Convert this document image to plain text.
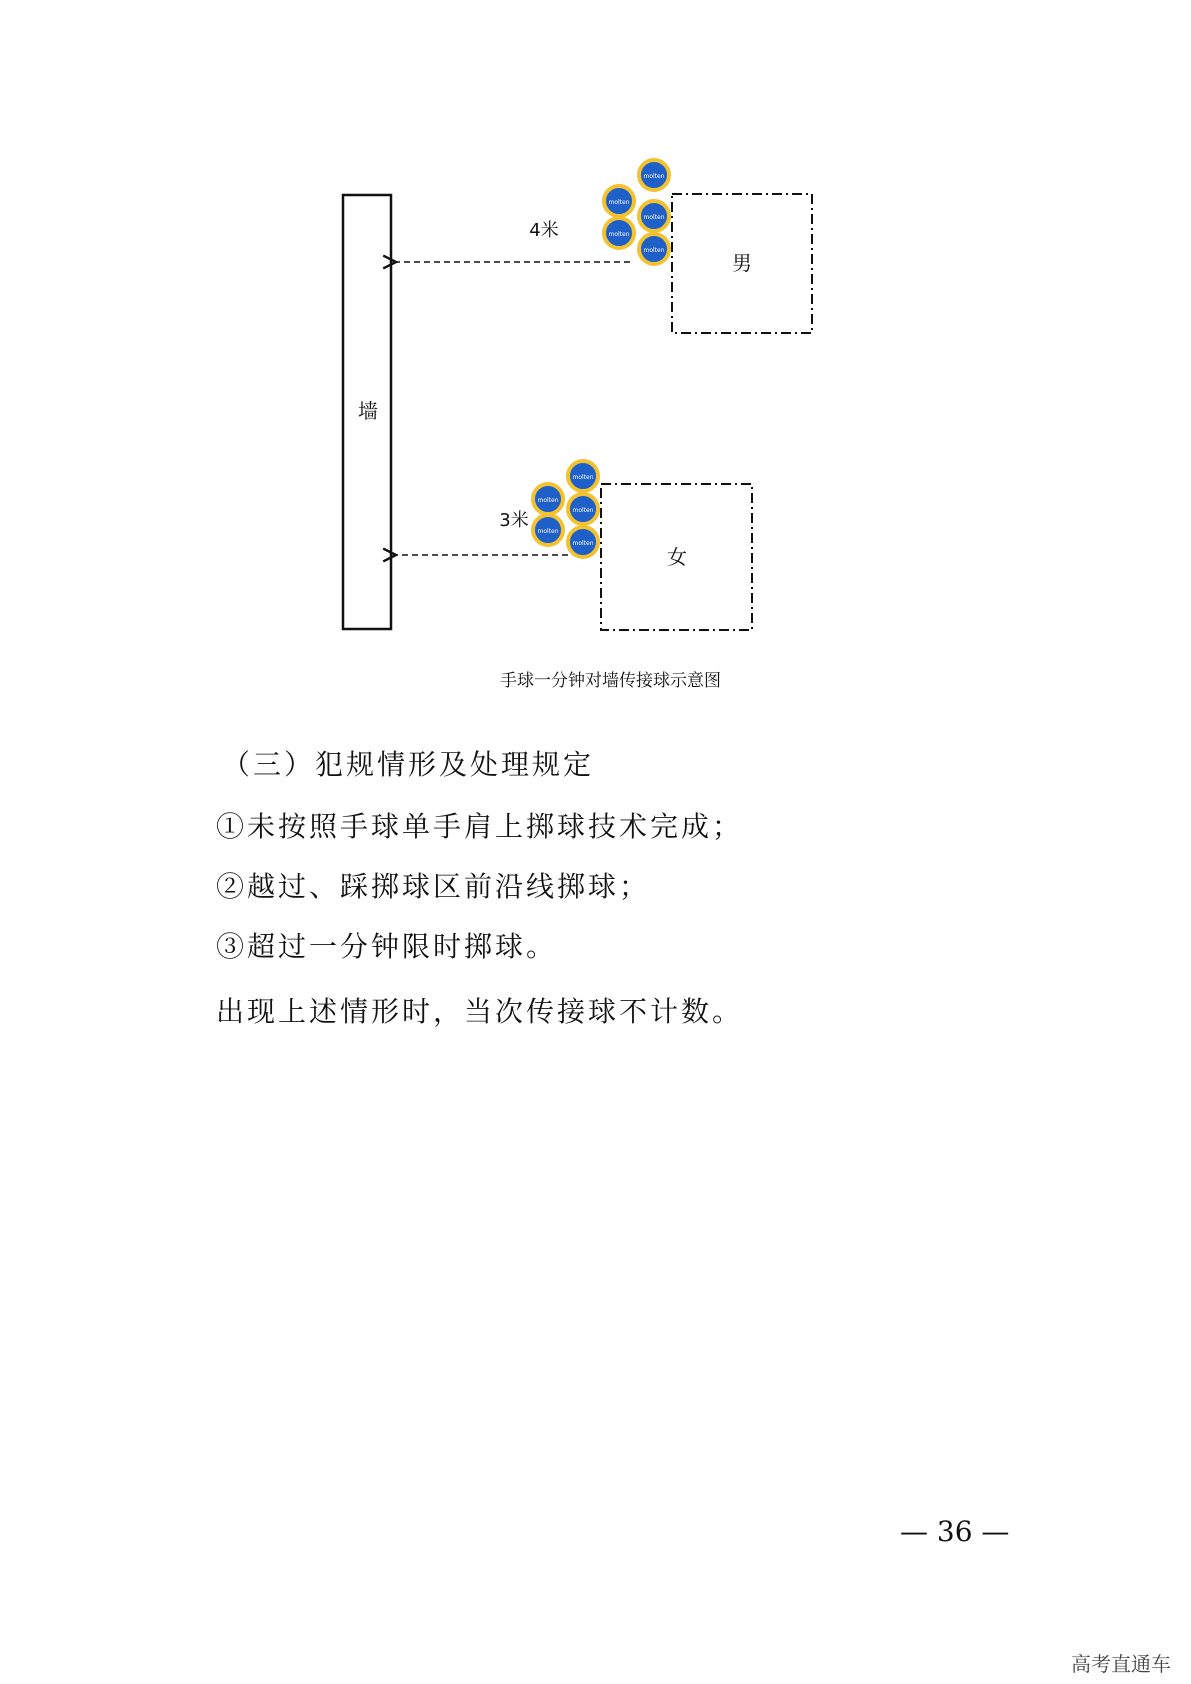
墙
男
4米
女
3米
molten
molten
molten
molten
molten
molten
molten
molten
molten
molten
手球一分钟对墙传接球示意图
（三）犯规情形及处理规定
①未按照手球单手肩上掷球技术完成；
②越过、踩掷球区前沿线掷球；
③超过一分钟限时掷球。
出现上述情形时，当次传接球不计数。
— 36 —
高考直通车
